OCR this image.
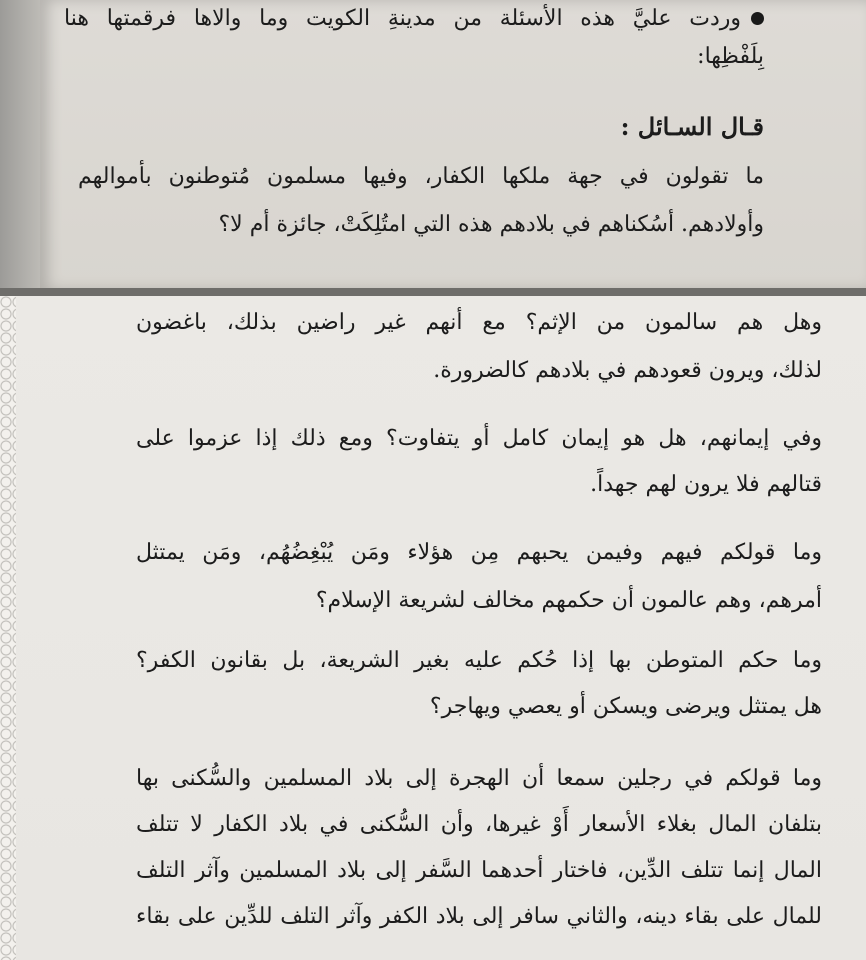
وردت عليَّ هذه الأسئلة من مدينةِ الكويت وما والاها فرقمتها هنا

بِلَفْظِها:

قـال السـائل :

ما تقولون في جهة ملكها الكفار، وفيها مسلمون مُتوطنون بأموالهم

وأولادهم. أسُكناهم في بلادهم هذه التي امتُلِكَتْ، جائزة أم لا؟

وهل هم سالمون من الإثم؟ مع أنهم غير راضين بذلك، باغضون

لذلك، ويرون قعودهم في بلادهم كالضرورة.

وفي إيمانهم، هل هو إيمان كامل أو يتفاوت؟ ومع ذلك إذا عزموا على

قتالهم فلا يرون لهم جهداً.

وما قولكم فيهم وفيمن يحبهم مِن هؤلاء ومَن يُبْغِضُهُم، ومَن يمتثل

أمرهم، وهم عالمون أن حكمهم مخالف لشريعة الإسلام؟

وما حكم المتوطن بها إذا حُكم عليه بغير الشريعة، بل بقانون الكفر؟

هل يمتثل ويرضى ويسكن أو يعصي ويهاجر؟

وما قولكم في رجلين سمعا أن الهجرة إلى بلاد المسلمين والسُّكنى بها

بتلفان المال بغلاء الأسعار أَوْ غيرها، وأن السُّكنى في بلاد الكفار لا تتلف

المال إنما تتلف الدِّين، فاختار أحدهما السَّفر إلى بلاد المسلمين وآثر التلف

للمال على بقاء دينه، والثاني سافر إلى بلاد الكفر وآثر التلف للدِّين على بقاء
